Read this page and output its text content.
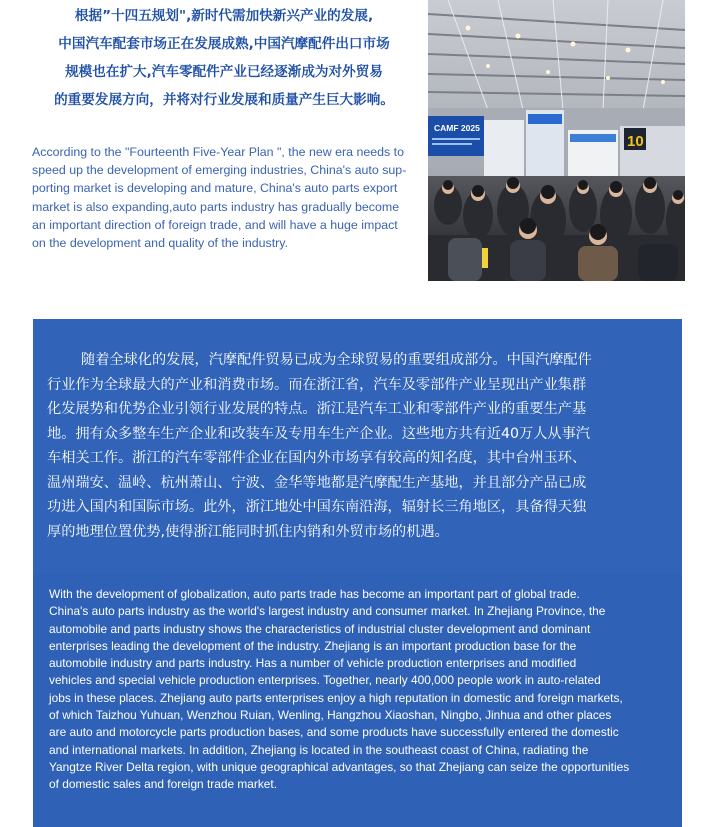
根据”十四五规划",新时代需加快新兴产业的发展,
中国汽车配套市场正在发展成熟,中国汽摩配件出口市场
规模也在扩大,汽车零配件产业已经逐渐成为对外贸易
的重要发展方向，并将对行业发展和质量产生巨大影响。

According to the "Fourteenth Five-Year Plan ", the new era needs to
speed up the development of emerging industries, China's auto sup-
porting market is developing and mature, China's auto parts export
market is also expanding,auto parts industry has gradually become
an important direction of foreign trade, and will have a huge impact
on the development and quality of the industry.

CAMF 2025
10

随着全球化的发展，汽摩配件贸易已成为全球贸易的重要组成部分。中国汽摩配件
行业作为全球最大的产业和消费市场。而在浙江省，汽车及零部件产业呈现出产业集群
化发展势和优势企业引领行业发展的特点。浙江是汽车工业和零部件产业的重要生产基
地。拥有众多整车生产企业和改装车及专用车生产企业。这些地方共有近40万人从事汽
车相关工作。浙江的汽车零部件企业在国内外市场享有较高的知名度，其中台州玉环、
温州瑞安、温岭、杭州萧山、宁波、金华等地都是汽摩配生产基地，并且部分产品已成
功进入国内和国际市场。此外，浙江地处中国东南沿海，辐射长三角地区，具备得天独
厚的地理位置优势,使得浙江能同时抓住内销和外贸市场的机遇。

With the development of globalization, auto parts trade has become an important part of global trade.
China's auto parts industry as the world's largest industry and consumer market. In Zhejiang Province, the
automobile and parts industry shows the characteristics of industrial cluster development and dominant
enterprises leading the development of the industry. Zhejiang is an important production base for the
automobile industry and parts industry. Has a number of vehicle production enterprises and modified
vehicles and special vehicle production enterprises. Together, nearly 400,000 people work in auto-related
jobs in these places. Zhejiang auto parts enterprises enjoy a high reputation in domestic and foreign markets,
of which Taizhou Yuhuan, Wenzhou Ruian, Wenling, Hangzhou Xiaoshan, Ningbo, Jinhua and other places
are auto and motorcycle parts production bases, and some products have successfully entered the domestic
and international markets. In addition, Zhejiang is located in the southeast coast of China, radiating the
Yangtze River Delta region, with unique geographical advantages, so that Zhejiang can seize the opportunities
of domestic sales and foreign trade market.
